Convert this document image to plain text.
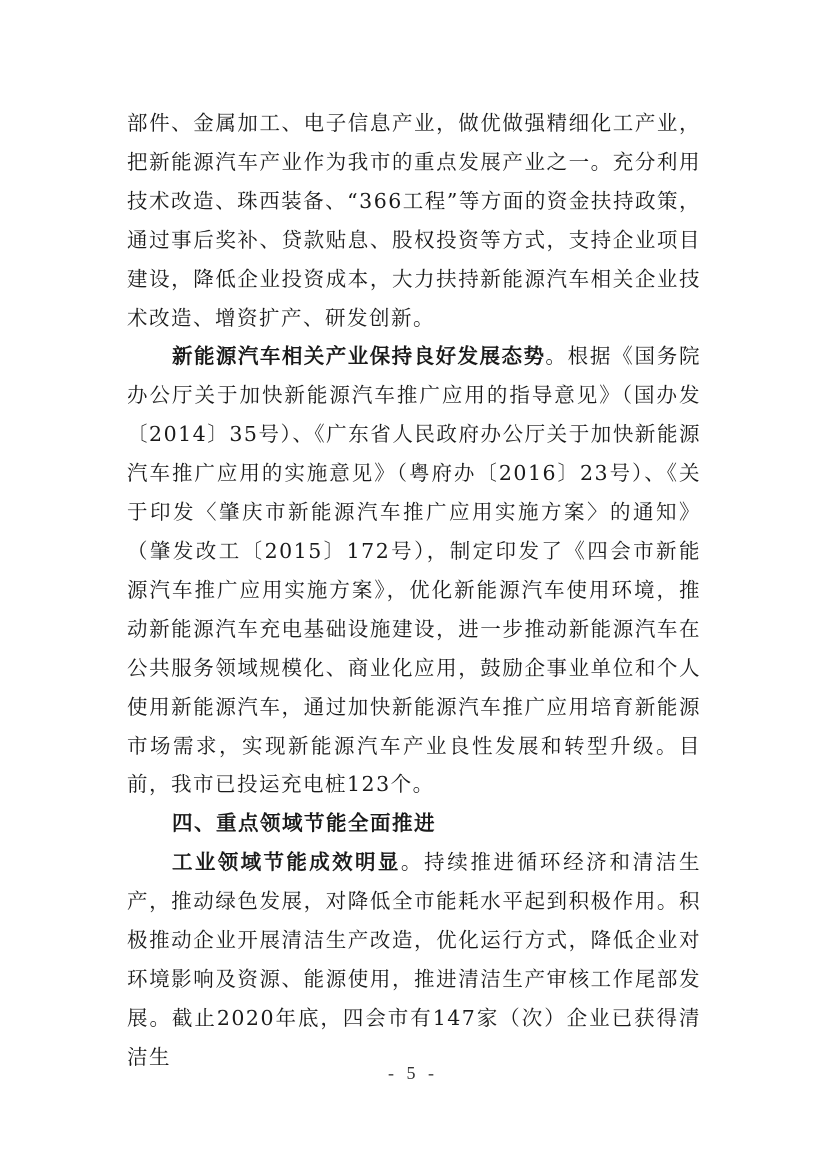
部件、金属加工、电子信息产业，做优做强精细化工产业，把新能源汽车产业作为我市的重点发展产业之一。充分利用技术改造、珠西装备、“366工程”等方面的资金扶持政策，通过事后奖补、贷款贴息、股权投资等方式，支持企业项目建设，降低企业投资成本，大力扶持新能源汽车相关企业技术改造、增资扩产、研发创新。

新能源汽车相关产业保持良好发展态势。根据《国务院办公厅关于加快新能源汽车推广应用的指导意见》（国办发〔2014〕35号）、《广东省人民政府办公厅关于加快新能源汽车推广应用的实施意见》（粤府办〔2016〕23号）、《关于印发〈肇庆市新能源汽车推广应用实施方案〉的通知》（肇发改工〔2015〕172号），制定印发了《四会市新能源汽车推广应用实施方案》，优化新能源汽车使用环境，推动新能源汽车充电基础设施建设，进一步推动新能源汽车在公共服务领域规模化、商业化应用，鼓励企事业单位和个人使用新能源汽车，通过加快新能源汽车推广应用培育新能源市场需求，实现新能源汽车产业良性发展和转型升级。目前，我市已投运充电桩123个。

四、重点领域节能全面推进

工业领域节能成效明显。持续推进循环经济和清洁生产，推动绿色发展，对降低全市能耗水平起到积极作用。积极推动企业开展清洁生产改造，优化运行方式，降低企业对环境影响及资源、能源使用，推进清洁生产审核工作尾部发展。截止2020年底，四会市有147家（次）企业已获得清洁生

- 5 -
